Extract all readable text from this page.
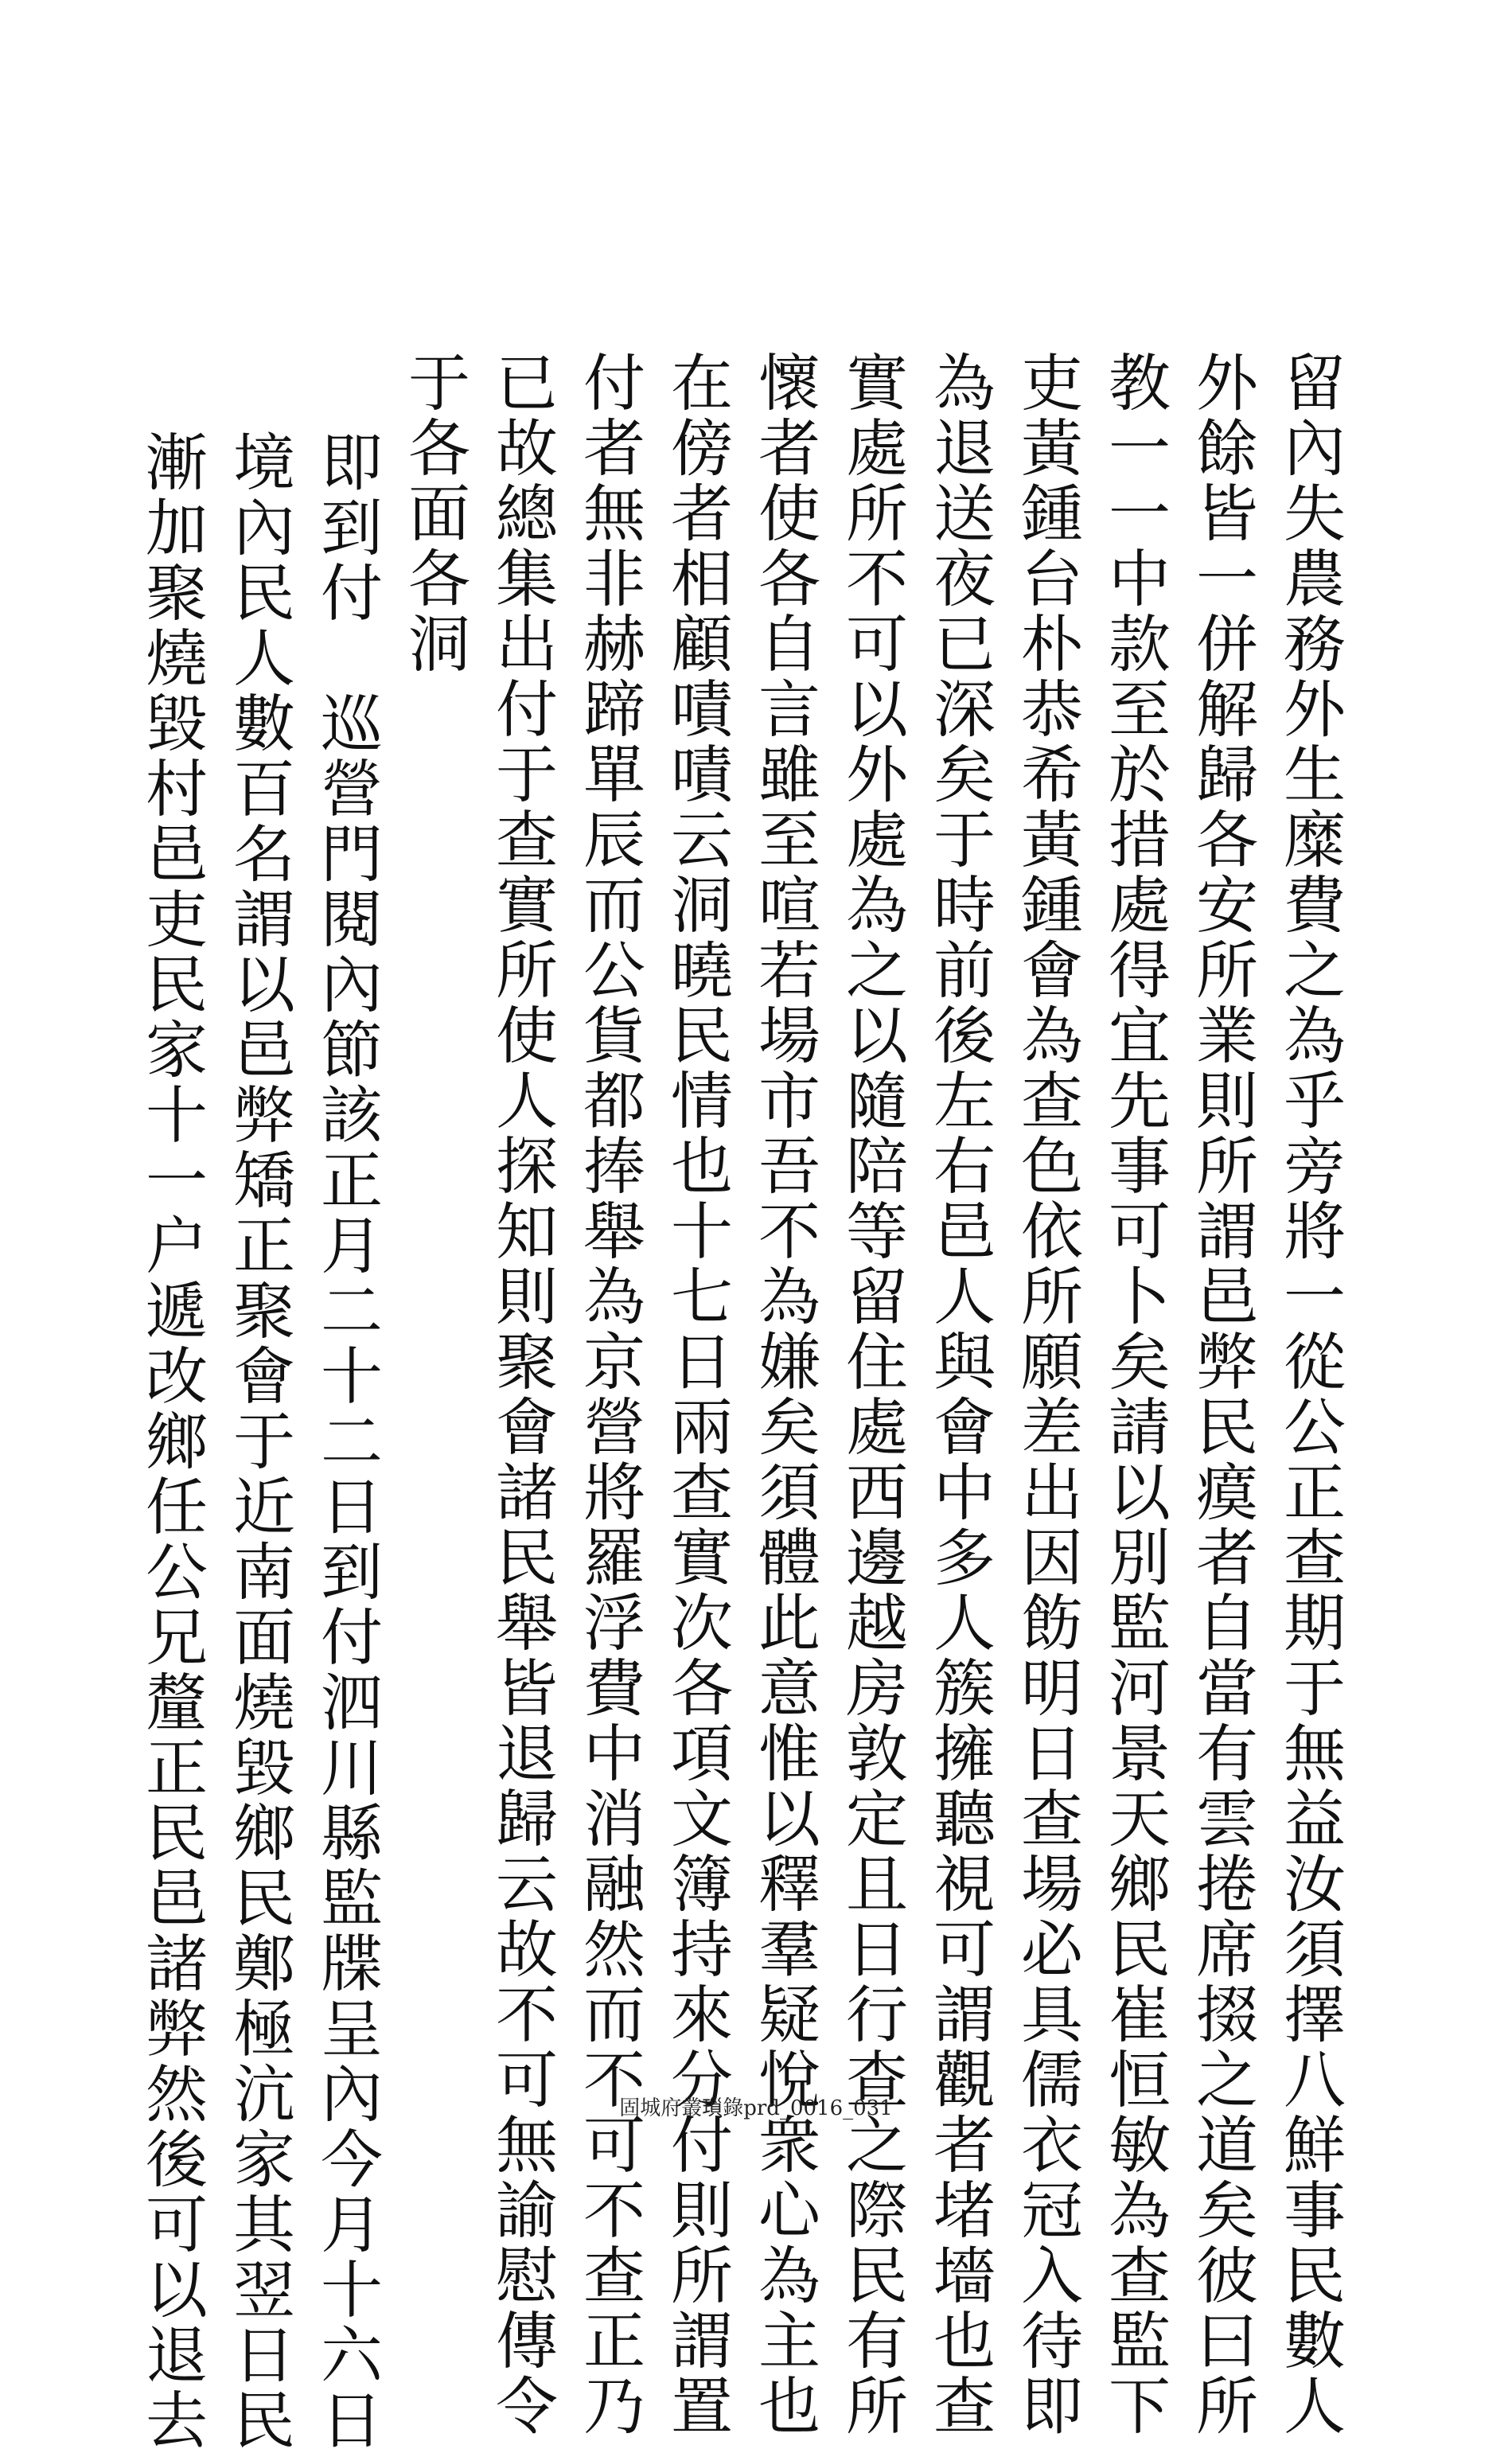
留內失農務外生糜費之為乎旁將一從公正查期于無益汝須擇八鮮事民數人
外餘皆一併解歸各安所業則所謂邑弊民瘼者自當有雲捲席掇之道矣彼曰所
教一一中款至於措處得宜先事可卜矣請以別監河景天鄉民崔恒敏為查監下
吏黃鍾台朴恭希黃鍾會為查色依所願差出因飭明日查場必具儒衣冠入待即
為退送夜已深矣于時前後左右邑人與會中多人簇擁聽視可謂觀者堵墻也查
實處所不可以外處為之以隨陪等留住處西邊越房敦定且日行查之際民有所
懷者使各自言雖至喧若場市吾不為嫌矣須體此意惟以釋羣疑悅衆心為主也
在傍者相顧嘖嘖云洞曉民情也十七日兩查實次各項文簿持來分付則所謂置
付者無非赫蹄單辰而公貨都捧舉為京營將羅浮費中消融然而不可不查正乃
已故總集出付于查實所使人探知則聚會諸民舉皆退歸云故不可無諭慰傳令
于各面各洞
即到付　巡營門閱內節該正月二十二日到付泗川縣監牒呈內今月十六日
境內民人數百名謂以邑弊矯正聚會于近南面燒毀鄉民鄭極沆家其翌日民
漸加聚燒毀村邑吏民家十一户遞改鄉任公兄釐正民邑諸弊然後可以退去	固城府叢𤨏錄prd_0016_031
